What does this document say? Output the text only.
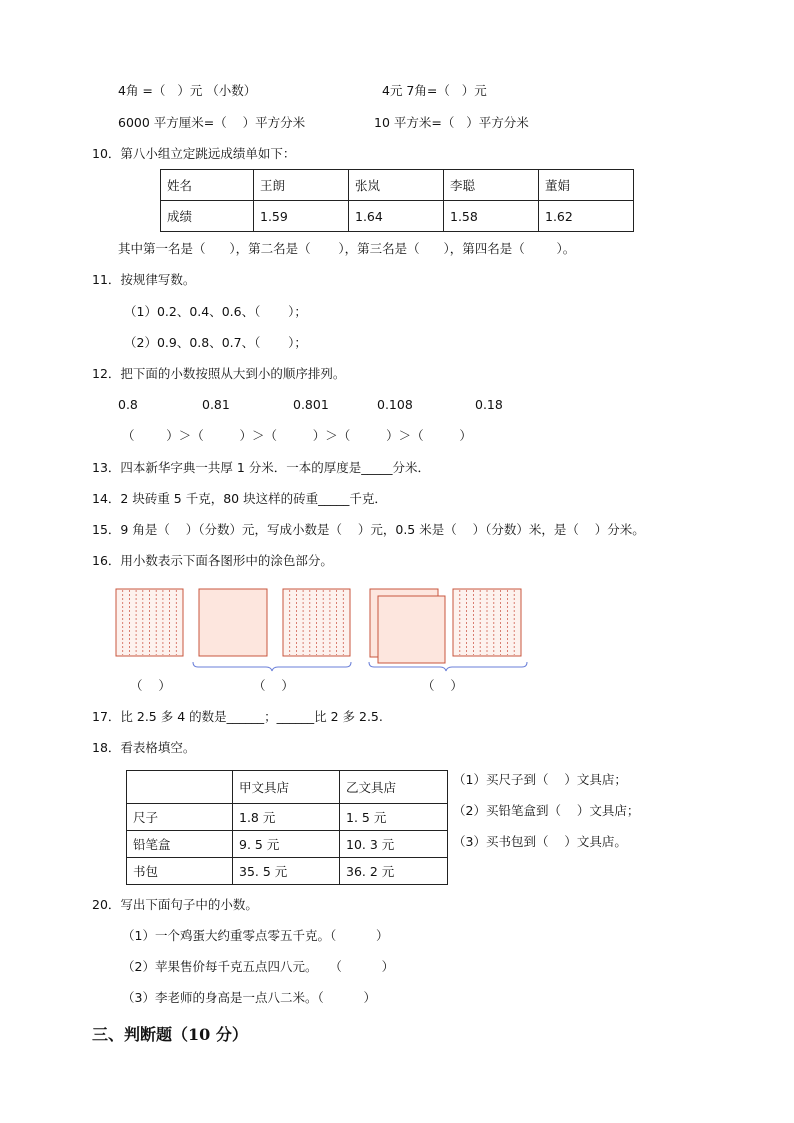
4角 =（   ）元 （小数）	4元 7角=（   ）元
6000 平方厘米=（    ）平方分米	10 平方米=（   ）平方分米
10．第八小组立定跳远成绩单如下：
姓名	王朗	张岚	李聪	董娟
成绩	1.59	1.64	1.58	1.62
其中第一名是（      ），第二名是（       ），第三名是（      ），第四名是（        ）。
11．按规律写数。
（1）0.2、0.4、0.6、（       ）；
（2）0.9、0.8、0.7、（       ）；
12．把下面的小数按照从大到小的顺序排列。
0.8	0.81	0.801	0.108	0.18
（        ）＞（         ）＞（         ）＞（         ）＞（         ）
13．四本新华字典一共厚 1 分米．一本的厚度是_____分米．
14．2 块砖重 5 千克，80 块这样的砖重_____千克．
15．9 角是（    ）（分数）元，写成小数是（    ）元，0.5 米是（    ）（分数）米，是（    ）分米。
16．用小数表示下面各图形中的涂色部分。
（    ）	（    ）	（    ）
17．比 2.5 多 4 的数是______；______比 2 多 2.5.
18．看表格填空。
	甲文具店	乙文具店
尺子	1.8 元	1. 5 元
铅笔盒	9. 5 元	10. 3 元
书包	35. 5 元	36. 2 元
（1）买尺子到（    ）文具店；
（2）买铅笔盒到（    ）文具店；
（3）买书包到（    ）文具店。
20．写出下面句子中的小数。
（1）一个鸡蛋大约重零点零五千克。（          ）
（2）苹果售价每千克五点四八元。   （          ）
（3）李老师的身高是一点八二米。（          ）
三、判断题（10 分）
